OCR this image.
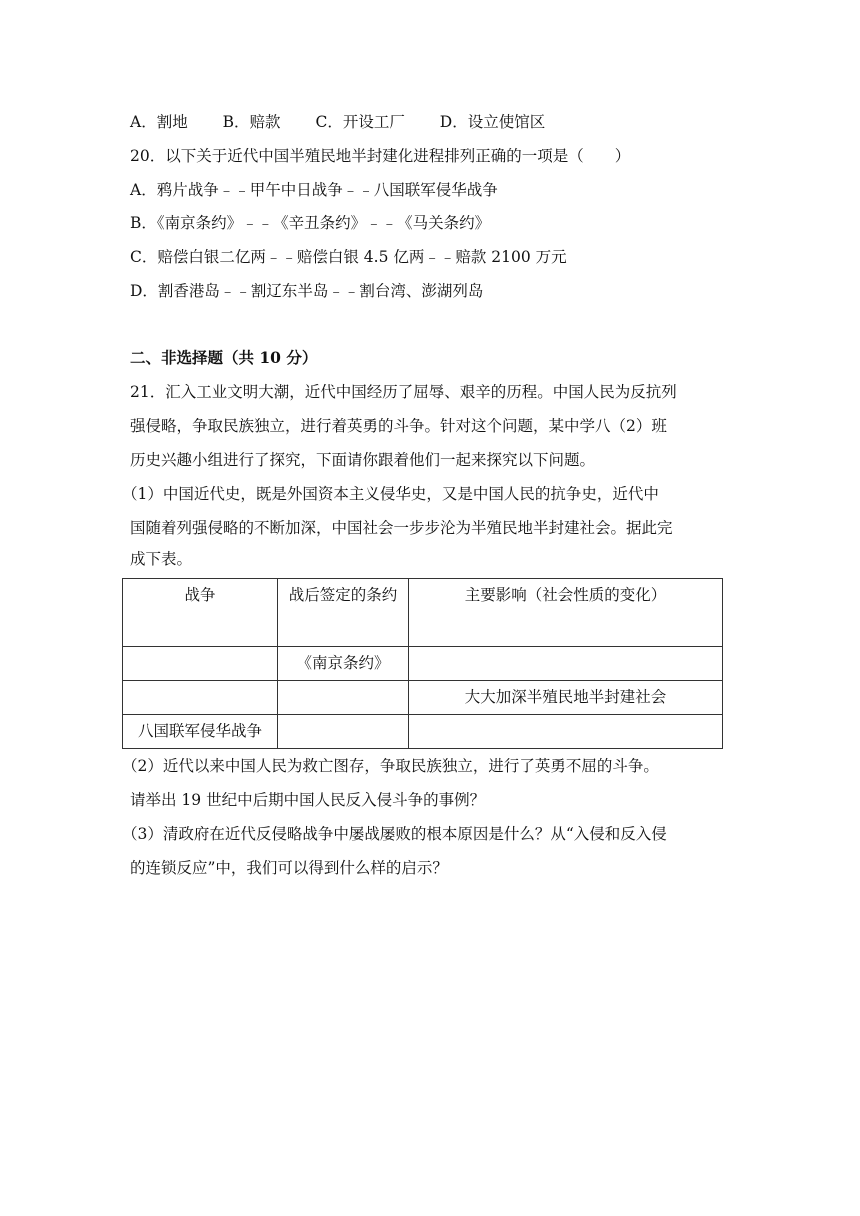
A．割地 B．赔款 C．开设工厂 D．设立使馆区
20．以下关于近代中国半殖民地半封建化进程排列正确的一项是（　　）
A．鸦片战争﹣﹣甲午中日战争﹣﹣八国联军侵华战争
B．《南京条约》﹣﹣《辛丑条约》﹣﹣《马关条约》
C．赔偿白银二亿两﹣﹣赔偿白银 4.5 亿两﹣﹣赔款 2100 万元
D．割香港岛﹣﹣割辽东半岛﹣﹣割台湾、澎湖列岛
二、非选择题（共 10 分）
21．汇入工业文明大潮，近代中国经历了屈辱、艰辛的历程。中国人民为反抗列
强侵略，争取民族独立，进行着英勇的斗争。针对这个问题，某中学八（2）班
历史兴趣小组进行了探究，下面请你跟着他们一起来探究以下问题。
（1）中国近代史，既是外国资本主义侵华史，又是中国人民的抗争史，近代中
国随着列强侵略的不断加深，中国社会一步步沦为半殖民地半封建社会。据此完
成下表。
战争	战后签定的条约	主要影响（社会性质的变化）
	《南京条约》	
		大大加深半殖民地半封建社会
八国联军侵华战争		
（2）近代以来中国人民为救亡图存，争取民族独立，进行了英勇不屈的斗争。
请举出 19 世纪中后期中国人民反入侵斗争的事例？
（3）清政府在近代反侵略战争中屡战屡败的根本原因是什么？从“入侵和反入侵
的连锁反应”中，我们可以得到什么样的启示？
